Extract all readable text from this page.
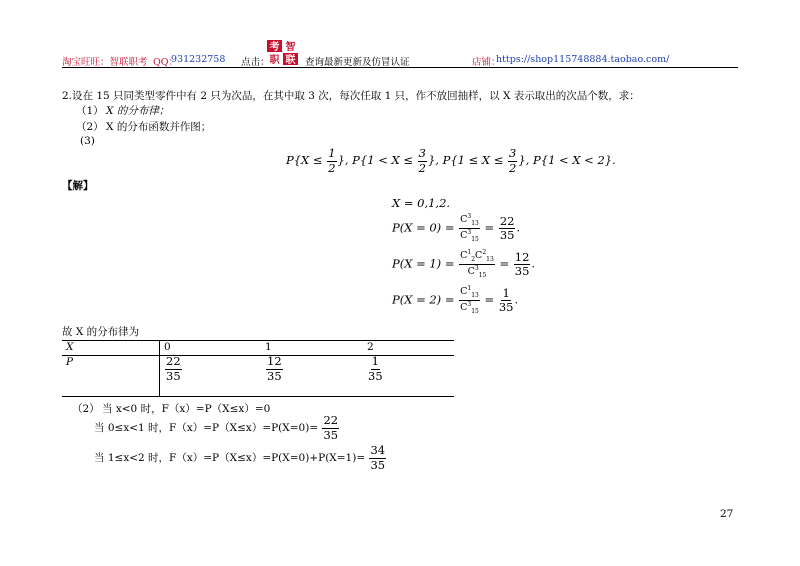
淘宝旺旺：智联职考 QQ：
931232758 点击：
考 智
职 联 查询最新更新及仿冒认证	店铺：
https://shop115748884.taobao.com/
2.设在 15 只同类型零件中有 2 只为次品，在其中取 3 次，每次任取 1 只，作不放回抽样，以 X 表示取出的次品个数，求：
（1） X 的分布律；
（2） X 的分布函数并作图；
(3)
$P\{X \le \frac{1}{2}$ }, $P\{1 < X \le \frac{3}{2}$ }, $P\{1 \le X \le \frac{3}{2}$ }, P{1 < X < 2}.
【解】
X = 0,1,2.
$P(X = 0) = \frac{C^3_{13}}{C^3_{15}} = \frac{22}{35}$ .
$P(X = 1) = \frac{C^1_2C^2_{13}}{C^3_{15}} = \frac{12}{35}$ .
$P(X = 2) = \frac{C^1_{13}}{C^3_{15}} = \frac{1}{35}$ .
故 X 的分布律为
X	0	1	2
P	$\frac{22}{35}$	$\frac{12}{35}$	$\frac{1}{35}$
（2） 当 x<0 时，F（x）=P（X≤x）=0
当 0≤x<1 时，$F(x)=P(X\le x)=P(X=0)= \frac{22}{35}$
当 1≤x<2 时，$F(x)=P(X\le x)=P(X=0)+P(X=1)= \frac{34}{35}$
27
